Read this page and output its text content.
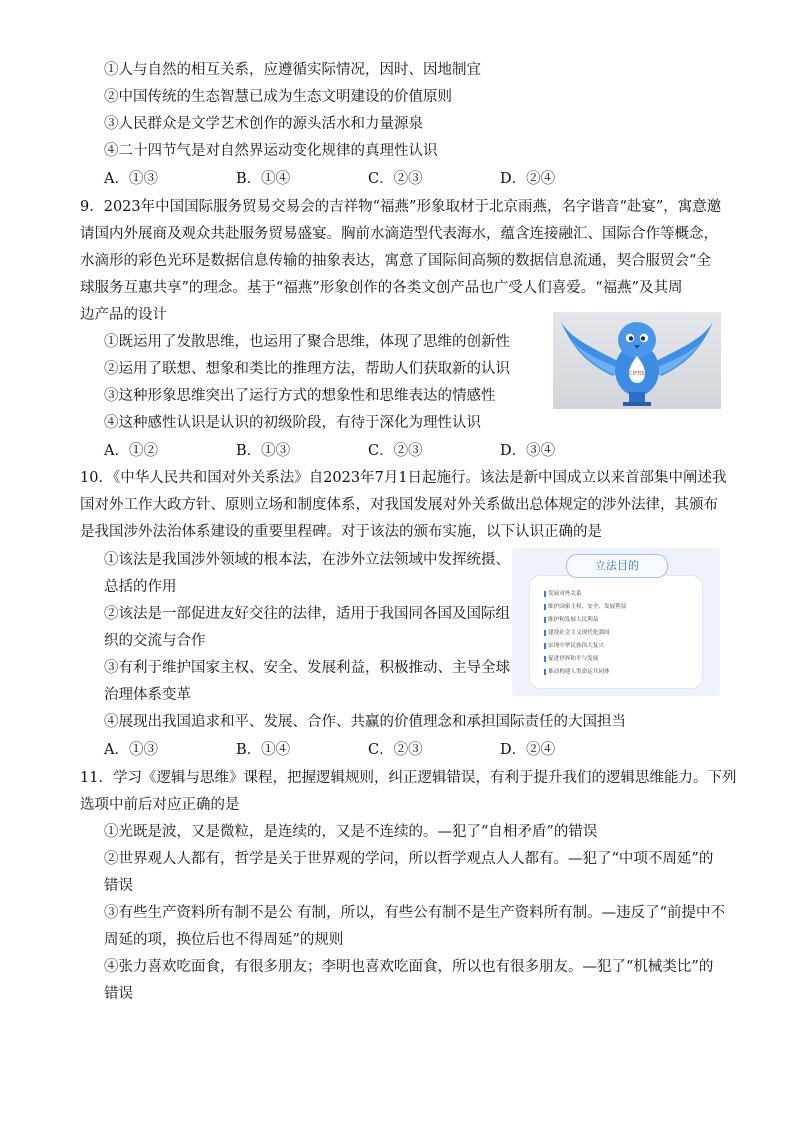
①人与自然的相互关系，应遵循实际情况，因时、因地制宜
②中国传统的生态智慧已成为生态文明建设的价值原则
③人民群众是文学艺术创作的源头活水和力量源泉
④二十四节气是对自然界运动变化规律的真理性认识
A．①③	B．①④	C．②③	D．②④
9．2023年中国国际服务贸易交易会的吉祥物“福燕”形象取材于北京雨燕，名字谐音“赴宴”，寓意邀
请国内外展商及观众共赴服务贸易盛宴。胸前水滴造型代表海水，蕴含连接融汇、国际合作等概念，
水滴形的彩色光环是数据信息传输的抽象表达，寓意了国际间高频的数据信息流通，契合服贸会“全
球服务互惠共享”的理念。基于“福燕”形象创作的各类文创产品也广受人们喜爱。“福燕”及其周
边产品的设计
①既运用了发散思维，也运用了聚合思维，体现了思维的创新性
②运用了联想、想象和类比的推理方法，帮助人们获取新的认识
③这种形象思维突出了运行方式的想象性和思维表达的情感性
④这种感性认识是认识的初级阶段，有待于深化为理性认识
A．①②	B．①③	C．②③	D．③④
CIFTIS
10．《中华人民共和国对外关系法》自2023年7月1日起施行。该法是新中国成立以来首部集中阐述我
国对外工作大政方针、原则立场和制度体系，对我国发展对外关系做出总体规定的涉外法律，其颁布
是我国涉外法治体系建设的重要里程碑。对于该法的颁布实施，以下认识正确的是
①该法是我国涉外领域的根本法，在涉外立法领域中发挥统摄、
总括的作用
②该法是一部促进友好交往的法律，适用于我国同各国及国际组
织的交流与合作
③有利于维护国家主权、安全、发展利益，积极推动、主导全球
治理体系变革
④展现出我国追求和平、发展、合作、共赢的价值理念和承担国际责任的大国担当
A．①③	B．①④	C．②③	D．②④
发展对外关系
维护国家主权、安全、发展利益
维护和发展人民利益
建设社会主义现代化强国
实现中华民族伟大复兴
促进世界和平与发展
推动构建人类命运共同体
立法目的
11．学习《逻辑与思维》课程，把握逻辑规则，纠正逻辑错误，有利于提升我们的逻辑思维能力。下列
选项中前后对应正确的是
①光既是波，又是微粒，是连续的，又是不连续的。—犯了“自相矛盾”的错误
②世界观人人都有，哲学是关于世界观的学问，所以哲学观点人人都有。—犯了“中项不周延”的
错误
③有些生产资料所有制不是公 有制，所以，有些公有制不是生产资料所有制。—违反了“前提中不
周延的项，换位后也不得周延”的规则
④张力喜欢吃面食，有很多朋友；李明也喜欢吃面食，所以也有很多朋友。—犯了“机械类比”的
错误
